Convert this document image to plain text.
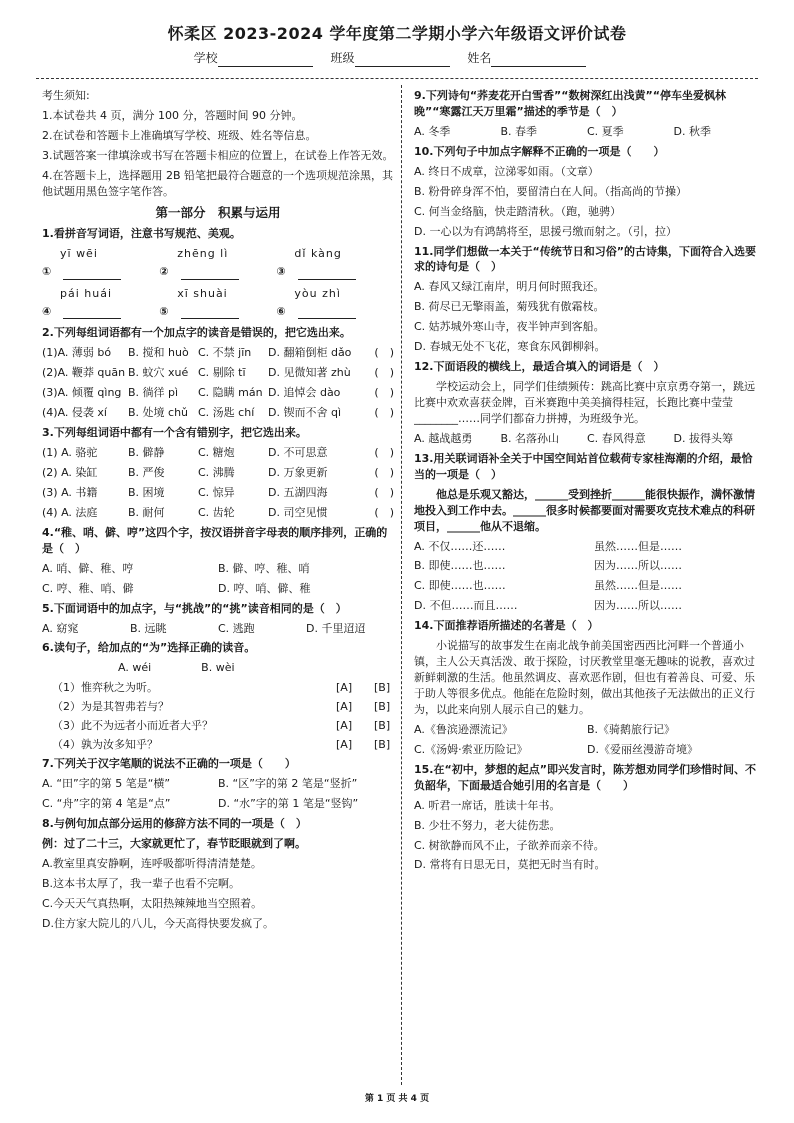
怀柔区 2023-2024 学年度第二学期小学六年级语文评价试卷
学校	班级	姓名
考生须知:
1.本试卷共 4 页，满分 100 分，答题时间 90 分钟。
2.在试卷和答题卡上准确填写学校、班级、姓名等信息。
3.试题答案一律填涂或书写在答题卡相应的位置上，在试卷上作答无效。
4.在答题卡上，选择题用 2B 铅笔把最符合题意的一个选项规范涂黑，其他试题用黑色签字笔作答。
第一部分　积累与运用
1.看拼音写词语，注意书写规范、美观。
yī wēi	zhēng lì	dǐ kàng
①	②	③
pái huái	xī shuài	yòu zhì
④	⑤	⑥
2.下列每组词语都有一个加点字的读音是错误的，把它选出来。
(1)A. 薄弱 bó	B. 搅和 huò C. 不禁 jīn	D. 翻箱倒柜 dǎo	(　)
(2)A. 鞭莽 quān B. 蚊穴 xué C. 剔除 tī	D. 见微知著 zhù	(　)
(3)A. 倾覆 qìng B. 徜徉 pì	C. 隐瞒 mán D. 追悼会 dào	(　)
(4)A. 侵袭 xí	B. 处境 chǔ C. 汤匙 chí	D. 锲而不舍 qì	(　)
3.下列每组词语中都有一个含有错别字，把它选出来。
(1) A. 骆驼	B. 僻静	C. 糖炮	D. 不可思意	(　)
(2) A. 染缸	B. 严俊	C. 沸腾	D. 万象更新	(　)
(3) A. 书籍	B. 困境	C. 惊异	D. 五湖四海	(　)
(4) A. 法庭	B. 耐何	C. 齿轮	D. 司空见惯	(　)
4.“稚、哨、僻、哼”这四个字，按汉语拼音字母表的顺序排列，正确的是（　）
A. 哨、僻、稚、哼	B. 僻、哼、稚、哨
C. 哼、稚、哨、僻	D. 哼、哨、僻、稚
5.下面词语中的加点字，与“挑战”的“挑”读音相同的是（　）
A. 窈窕	B. 远眺	C. 逃跑	D. 千里迢迢
6.读句子，给加点的“为”选择正确的读音。
A. wéi	B. wèi
（1）惟弈秋之为听。	[A]	[B]
（2）为是其智弗若与？	[A]	[B]
（3）此不为远者小而近者大乎？	[A]	[B]
（4）孰为汝多知乎？	[A]	[B]
7.下列关于汉字笔顺的说法不正确的一项是（　　）
A. “田”字的第 5 笔是“横”	B. “区”字的第 2 笔是“竖折”
C. “舟”字的第 4 笔是“点”	D. “水”字的第 1 笔是“竖钩”
8.与例句加点部分运用的修辞方法不同的一项是（　）
例：过了二十三，大家就更忙了，春节眨眼就到了啊。
A.教室里真安静啊，连呼吸都听得清清楚楚。
B.这本书太厚了，我一辈子也看不完啊。
C.今天天气真热啊，太阳热辣辣地当空照着。
D.住方家大院儿的八儿，今天高得快要发疯了。
9.下列诗句“荞麦花开白雪香”“数树深红出浅黄”“停车坐爱枫林晚”“寒露江天万里霜”描述的季节是（　）
A. 冬季	B. 春季	C. 夏季	D. 秋季
10.下列句子中加点字解释不正确的一项是（　　）
A. 终日不成章，泣涕零如雨。（文章）
B. 粉骨碎身浑不怕，要留清白在人间。（指高尚的节操）
C. 何当金络脑，快走踏清秋。（跑，驰骋）
D. 一心以为有鸿鹄将至，思援弓缴而射之。（引，拉）
11.同学们想做一本关于“传统节日和习俗”的古诗集，下面符合入选要求的诗句是（　）
A. 春风又绿江南岸，明月何时照我还。
B. 荷尽已无擎雨盖，菊残犹有傲霜枝。
C. 姑苏城外寒山寺，夜半钟声到客船。
D. 春城无处不飞花，寒食东风御柳斜。
12.下面语段的横线上，最适合填入的词语是（　）
学校运动会上，同学们佳绩频传：跳高比赛中京京勇夺第一，跳远比赛中欢欢喜获金牌，百米赛跑中美美摘得桂冠，长跑比赛中莹莹________……同学们都奋力拼搏，为班级争光。
A. 越战越勇	B. 名落孙山	C. 春风得意	D. 拔得头筹
13.用关联词语补全关于中国空间站首位载荷专家桂海潮的介绍，最恰当的一项是（　）
他总是乐观又豁达，______受到挫折______能很快振作，满怀激情地投入到工作中去。______很多时候都要面对需要攻克技术难点的科研项目，______他从不退缩。
A. 不仅……还……	虽然……但是……
B. 即使……也……	因为……所以……
C. 即使……也……	虽然……但是……
D. 不但……而且……	因为……所以……
14.下面推荐语所描述的名著是（　）
小说描写的故事发生在南北战争前美国密西西比河畔一个普通小镇，主人公天真活泼、敢于探险，讨厌教堂里毫无趣味的说教，喜欢过新鲜刺激的生活。他虽然调皮、喜欢恶作剧，但也有着善良、可爱、乐于助人等很多优点。他能在危险时刻，做出其他孩子无法做出的正义行为，以此来向别人展示自己的魅力。
A.《鲁滨逊漂流记》	B.《骑鹅旅行记》
C.《汤姆·索亚历险记》	D.《爱丽丝漫游奇境》
15.在“初中，梦想的起点”即兴发言时，陈芳想劝同学们珍惜时间、不负韶华，下面最适合她引用的名言是（　　）
A. 听君一席话，胜读十年书。
B. 少壮不努力，老大徒伤悲。
C. 树欲静而风不止，子欲养而亲不待。
D. 常将有日思无日，莫把无时当有时。
第 1 页 共 4 页
